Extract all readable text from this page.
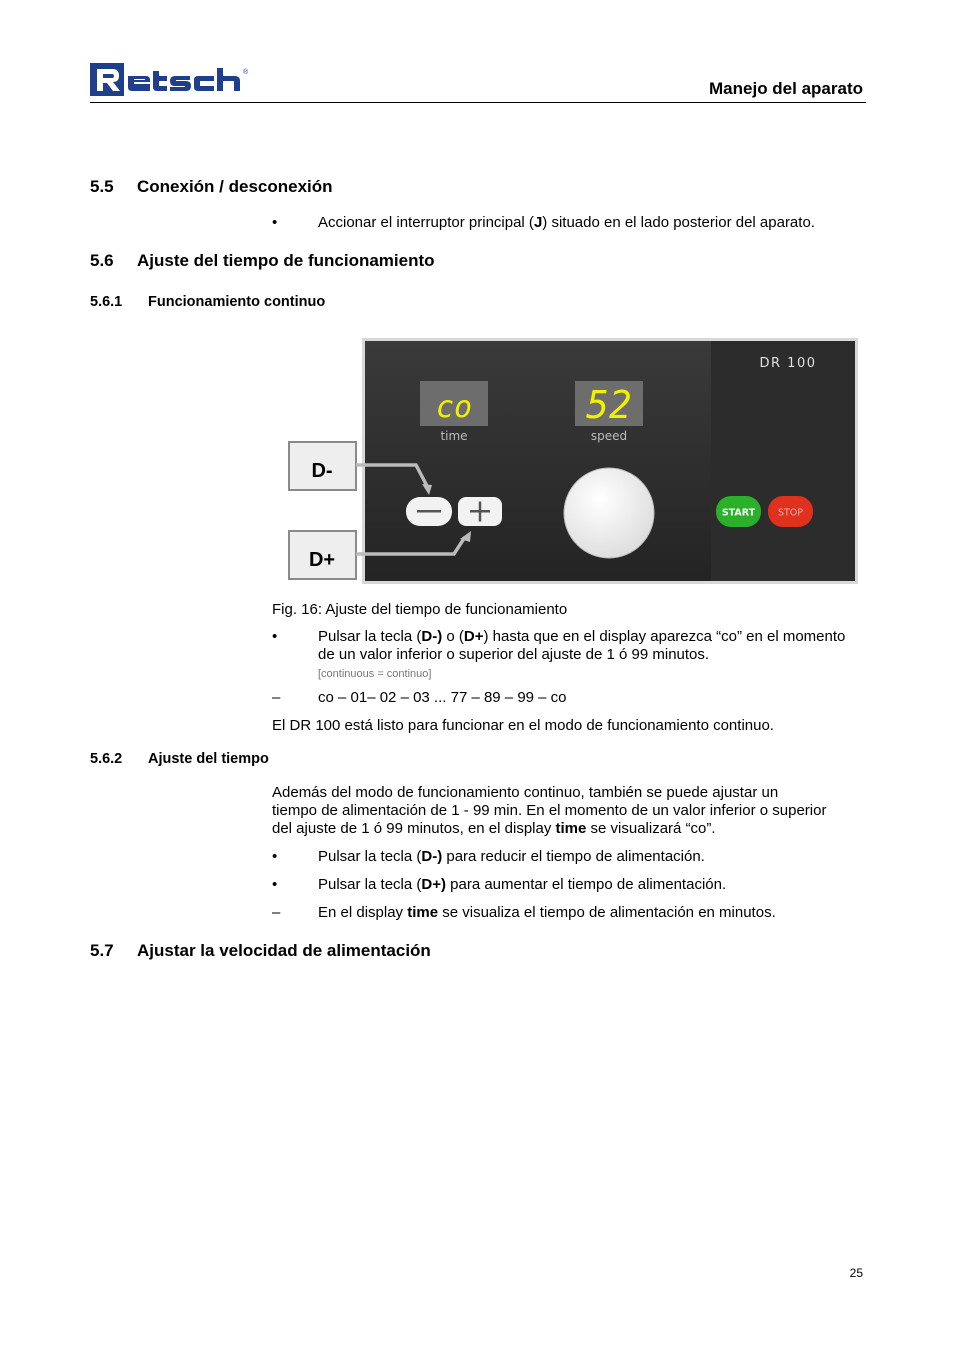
®
Manejo del aparato
5.5 Conexión / desconexión
•	Accionar el interruptor principal (J) situado en el lado posterior del aparato.
5.6 Ajuste del tiempo de funcionamiento
5.6.1 Funcionamiento continuo
DR 100
co
time
52
speed
START STOP
D-
D+
Fig. 16: Ajuste del tiempo de funcionamiento
•	Pulsar la tecla (D-) o (D+) hasta que en el display aparezca “co” en el momento de un valor inferior o superior del ajuste de 1 ó 99 minutos.
[continuous = continuo]
–	co – 01– 02 – 03 ... 77 – 89 – 99 – co
El DR 100 está listo para funcionar en el modo de funcionamiento continuo.
5.6.2 Ajuste del tiempo
Además del modo de funcionamiento continuo, también se puede ajustar un tiempo de alimentación de 1 - 99 min. En el momento de un valor inferior o superior del ajuste de 1 ó 99 minutos, en el display time se visualizará “co”.
•	Pulsar la tecla (D-) para reducir el tiempo de alimentación.
•	Pulsar la tecla (D+) para aumentar el tiempo de alimentación.
–	En el display time se visualiza el tiempo de alimentación en minutos.
5.7 Ajustar la velocidad de alimentación
25
